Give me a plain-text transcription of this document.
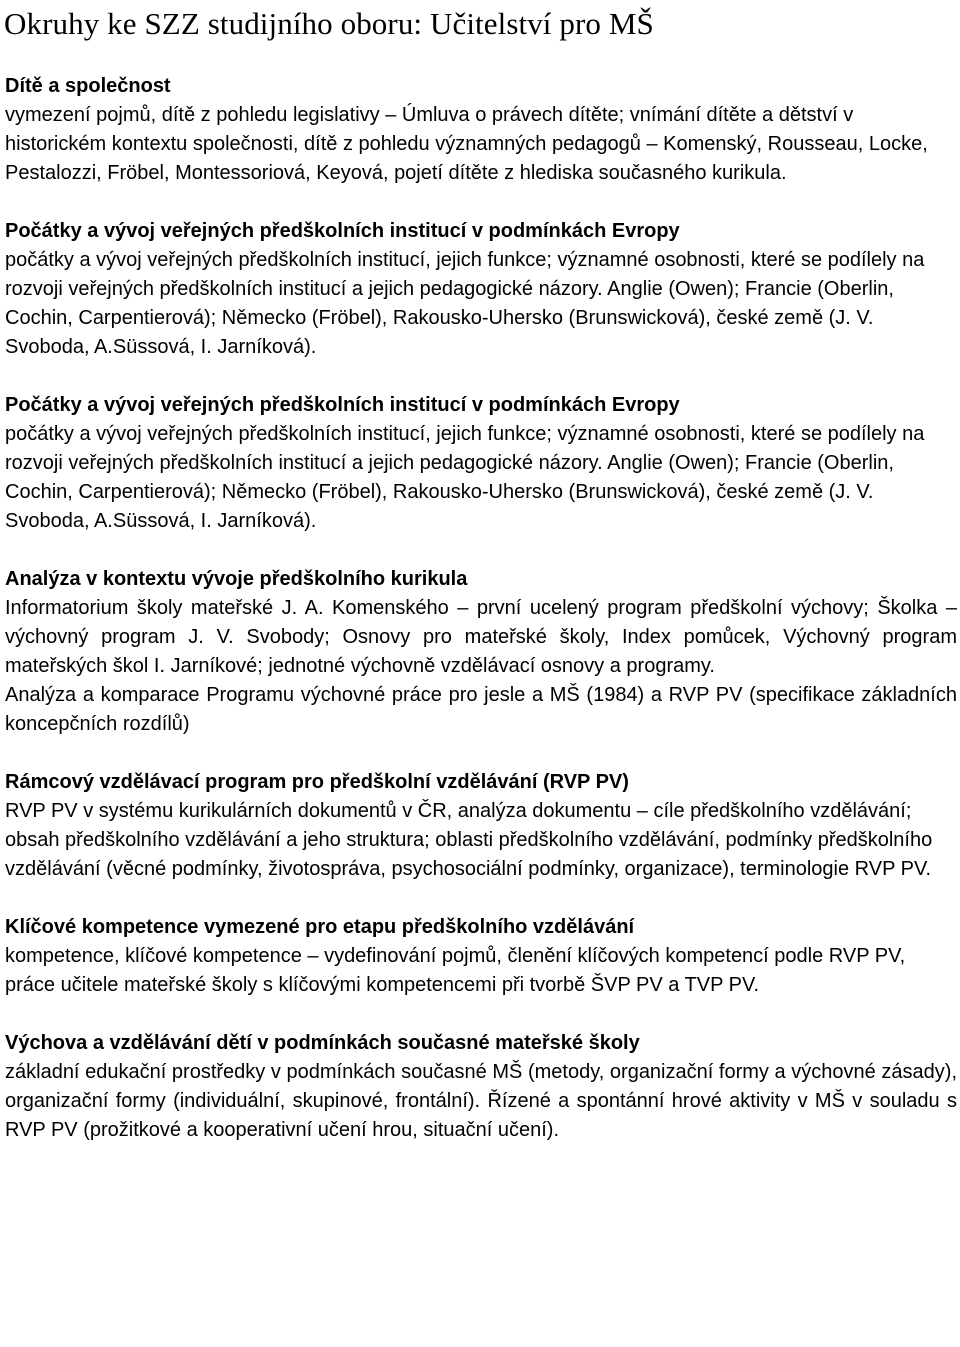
Okruhy ke SZZ studijního oboru: Učitelství pro MŠ
Dítě a společnost

vymezení pojmů, dítě z pohledu legislativy – Úmluva o právech dítěte; vnímání dítěte a dětství v historickém kontextu společnosti, dítě z pohledu významných pedagogů – Komenský, Rousseau, Locke, Pestalozzi, Fröbel, Montessoriová, Keyová, pojetí dítěte z hlediska současného kurikula.

Počátky a vývoj veřejných předškolních institucí v podmínkách Evropy

počátky a vývoj veřejných předškolních institucí, jejich funkce; významné osobnosti, které se podílely na rozvoji veřejných předškolních institucí a jejich pedagogické názory. Anglie (Owen); Francie (Oberlin, Cochin, Carpentierová); Německo (Fröbel), Rakousko-Uhersko (Brunswicková), české země (J. V. Svoboda, A.Süssová, I. Jarníková).

Počátky a vývoj veřejných předškolních institucí v podmínkách Evropy

počátky a vývoj veřejných předškolních institucí, jejich funkce; významné osobnosti, které se podílely na rozvoji veřejných předškolních institucí a jejich pedagogické názory. Anglie (Owen); Francie (Oberlin, Cochin, Carpentierová); Německo (Fröbel), Rakousko-Uhersko (Brunswicková), české země (J. V. Svoboda, A.Süssová, I. Jarníková).

Analýza v kontextu vývoje předškolního kurikula

Informatorium školy mateřské J. A. Komenského – první ucelený program předškolní výchovy; Školka – výchovný program J. V. Svobody; Osnovy pro mateřské školy, Index pomůcek, Výchovný program mateřských škol I. Jarníkové; jednotné výchovně vzdělávací osnovy a programy.

Analýza a komparace Programu výchovné práce pro jesle a MŠ (1984) a RVP PV (specifikace základních koncepčních rozdílů)

Rámcový vzdělávací program pro předškolní vzdělávání (RVP PV)

RVP PV v systému kurikulárních dokumentů v ČR, analýza dokumentu – cíle předškolního vzdělávání; obsah předškolního vzdělávání a jeho struktura; oblasti předškolního vzdělávání, podmínky předškolního vzdělávání (věcné podmínky, životospráva, psychosociální podmínky, organizace), terminologie RVP PV.

Klíčové kompetence vymezené pro etapu předškolního vzdělávání

kompetence, klíčové kompetence – vydefinování pojmů, členění klíčových kompetencí podle RVP PV, práce učitele mateřské školy s klíčovými kompetencemi při tvorbě ŠVP PV a TVP PV.

Výchova a vzdělávání dětí v podmínkách současné mateřské školy

základní edukační prostředky v podmínkách současné MŠ (metody, organizační formy a výchovné zásady), organizační formy (individuální, skupinové, frontální). Řízené a spontánní hrové aktivity v MŠ v souladu s RVP PV (prožitkové a kooperativní učení hrou, situační učení).
